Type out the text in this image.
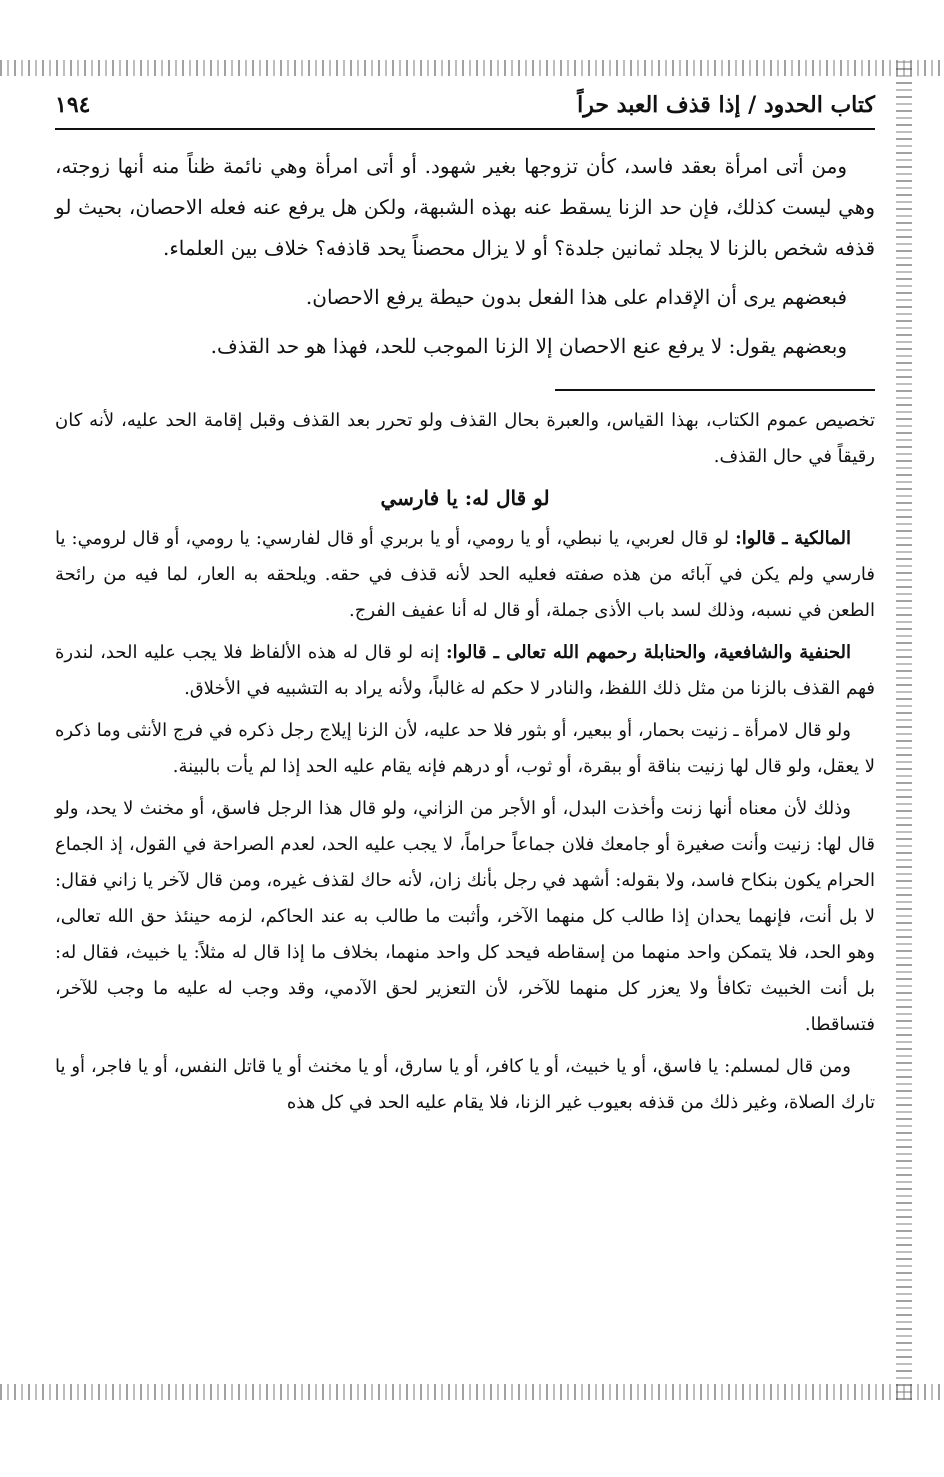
كتاب الحدود / إذا قذف العبد حراً
١٩٤

ومن أتى امرأة بعقد فاسد، كأن تزوجها بغير شهود. أو أتى امرأة وهي نائمة ظناً منه أنها زوجته، وهي ليست كذلك، فإن حد الزنا يسقط عنه بهذه الشبهة، ولكن هل يرفع عنه فعله الاحصان، بحيث لو قذفه شخص بالزنا لا يجلد ثمانين جلدة؟ أو لا يزال محصناً يحد قاذفه؟ خلاف بين العلماء.

فبعضهم يرى أن الإقدام على هذا الفعل بدون حيطة يرفع الاحصان.

وبعضهم يقول: لا يرفع عنع الاحصان إلا الزنا الموجب للحد، فهذا هو حد القذف.

تخصيص عموم الكتاب، بهذا القياس، والعبرة بحال القذف ولو تحرر بعد القذف وقبل إقامة الحد عليه، لأنه كان رقيقاً في حال القذف.

لو قال له: يا فارسي

المالكية ـ قالوا: لو قال لعربي، يا نبطي، أو يا رومي، أو يا بربري أو قال لفارسي: يا رومي، أو قال لرومي: يا فارسي ولم يكن في آبائه من هذه صفته فعليه الحد لأنه قذف في حقه. ويلحقه به العار، لما فيه من رائحة الطعن في نسبه، وذلك لسد باب الأذى جملة، أو قال له أنا عفيف الفرج.

الحنفية والشافعية، والحنابلة رحمهم الله تعالى ـ قالوا: إنه لو قال له هذه الألفاظ فلا يجب عليه الحد، لندرة فهم القذف بالزنا من مثل ذلك اللفظ، والنادر لا حكم له غالباً، ولأنه يراد به التشبيه في الأخلاق.

ولو قال لامرأة ـ زنيت بحمار، أو ببعير، أو بثور فلا حد عليه، لأن الزنا إيلاج رجل ذكره في فرج الأنثى وما ذكره لا يعقل، ولو قال لها زنيت بناقة أو ببقرة، أو ثوب، أو درهم فإنه يقام عليه الحد إذا لم يأت بالبينة.

وذلك لأن معناه أنها زنت وأخذت البدل، أو الأجر من الزاني، ولو قال هذا الرجل فاسق، أو مخنث لا يحد، ولو قال لها: زنيت وأنت صغيرة أو جامعك فلان جماعاً حراماً، لا يجب عليه الحد، لعدم الصراحة في القول، إذ الجماع الحرام يكون بنكاح فاسد، ولا بقوله: أشهد في رجل بأنك زان، لأنه حاك لقذف غيره، ومن قال لآخر يا زاني فقال: لا بل أنت، فإنهما يحدان إذا طالب كل منهما الآخر، وأثبت ما طالب به عند الحاكم، لزمه حينئذ حق الله تعالى، وهو الحد، فلا يتمكن واحد منهما من إسقاطه فيحد كل واحد منهما، بخلاف ما إذا قال له مثلاً: يا خبيث، فقال له: بل أنت الخبيث تكافأ ولا يعزر كل منهما للآخر، لأن التعزير لحق الآدمي، وقد وجب له عليه ما وجب للآخر، فتساقطا.

ومن قال لمسلم: يا فاسق، أو يا خبيث، أو يا كافر، أو يا سارق، أو يا مخنث أو يا قاتل النفس، أو يا فاجر، أو يا تارك الصلاة، وغير ذلك من قذفه بعيوب غير الزنا، فلا يقام عليه الحد في كل هذه
